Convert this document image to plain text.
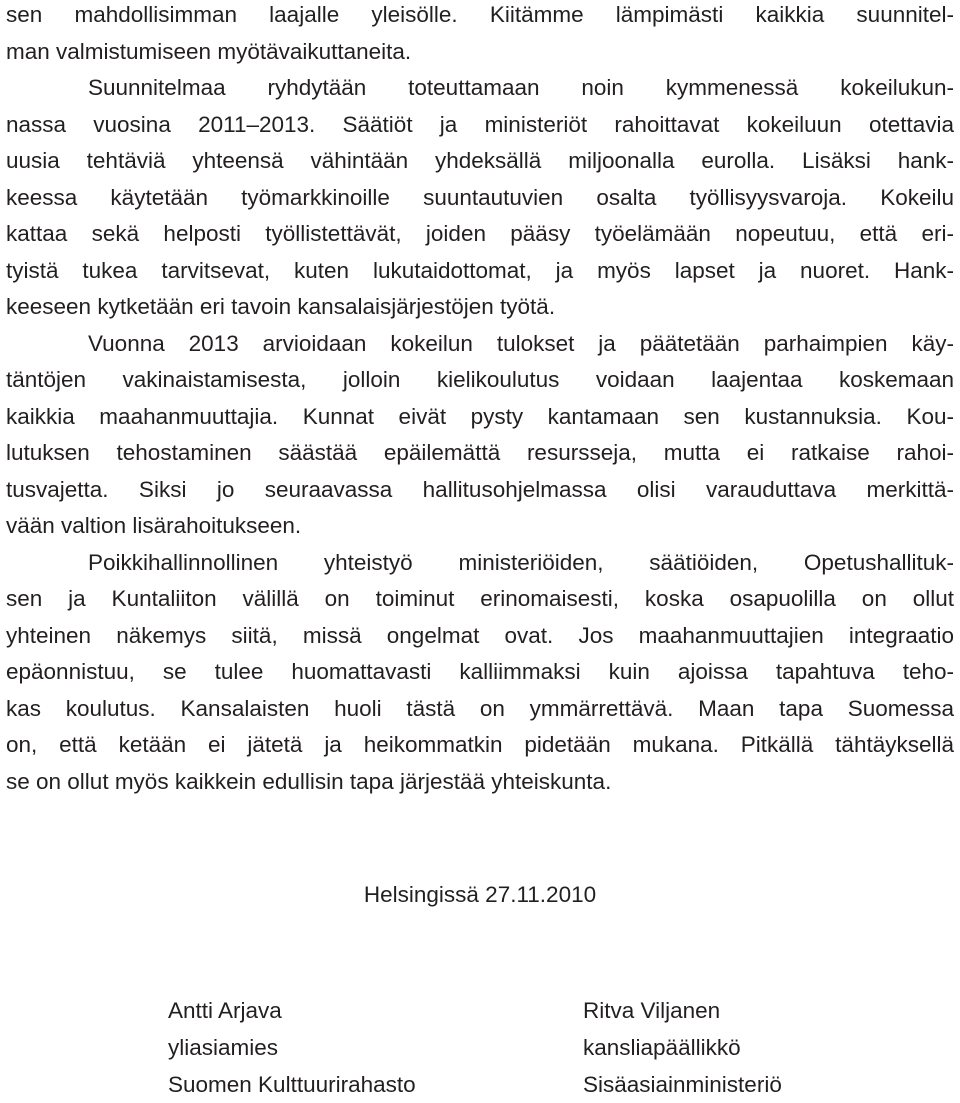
sen mahdollisimman laajalle yleisölle. Kiitämme lämpimästi kaikkia suunnitel-

man valmistumiseen myötävaikuttaneita.

Suunnitelmaa ryhdytään toteuttamaan noin kymmenessä kokeilukun-

nassa vuosina 2011–2013. Säätiöt ja ministeriöt rahoittavat kokeiluun otettavia

uusia tehtäviä yhteensä vähintään yhdeksällä miljoonalla eurolla. Lisäksi hank-

keessa käytetään työmarkkinoille suuntautuvien osalta työllisyysvaroja. Kokeilu

kattaa sekä helposti työllistettävät, joiden pääsy työelämään nopeutuu, että eri-

tyistä tukea tarvitsevat, kuten lukutaidottomat, ja myös lapset ja nuoret. Hank-

keeseen kytketään eri tavoin kansalaisjärjestöjen työtä.

Vuonna 2013 arvioidaan kokeilun tulokset ja päätetään parhaimpien käy-

täntöjen vakinaistamisesta, jolloin kielikoulutus voidaan laajentaa koskemaan

kaikkia maahanmuuttajia. Kunnat eivät pysty kantamaan sen kustannuksia. Kou-

lutuksen tehostaminen säästää epäilemättä resursseja, mutta ei ratkaise rahoi-

tusvajetta. Siksi jo seuraavassa hallitusohjelmassa olisi varauduttava merkittä-

vään valtion lisärahoitukseen.

Poikkihallinnollinen yhteistyö ministeriöiden, säätiöiden, Opetushallituk-

sen ja Kuntaliiton välillä on toiminut erinomaisesti, koska osapuolilla on ollut

yhteinen näkemys siitä, missä ongelmat ovat. Jos maahanmuuttajien integraatio

epäonnistuu, se tulee huomattavasti kalliimmaksi kuin ajoissa tapahtuva teho-

kas koulutus. Kansalaisten huoli tästä on ymmärrettävä. Maan tapa Suomessa

on, että ketään ei jätetä ja heikommatkin pidetään mukana. Pitkällä tähtäyksellä

se on ollut myös kaikkein edullisin tapa järjestää yhteiskunta.

Helsingissä 27.11.2010

Antti Arjava

yliasiamies

Suomen Kulttuurirahasto

Ritva Viljanen

kansliapäällikkö

Sisäasiainministeriö
